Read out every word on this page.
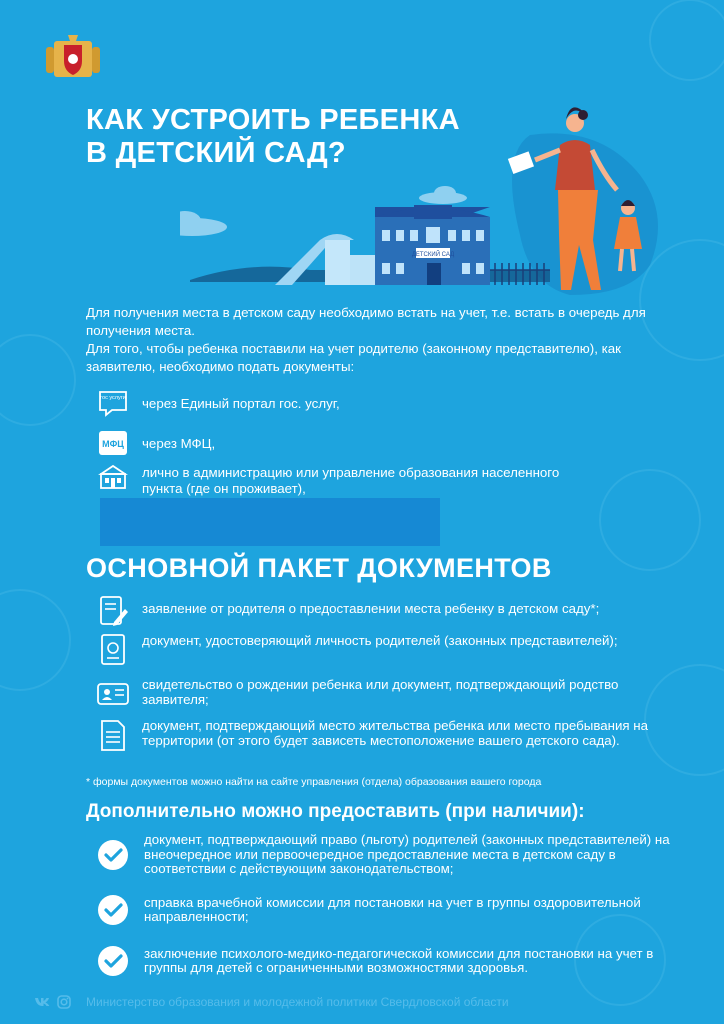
КАК УСТРОИТЬ РЕБЕНКА
В ДЕТСКИЙ САД?
ДЕТСКИЙ САД

Для получения места в детском саду необходимо встать на учет, т.е. встать в очередь для получения места.

Для того, чтобы ребенка поставили на учет родителю (законному представителю), как заявителю, необходимо подать документы:

гос услуги через Единый портал гос. услуг,
МФЦ через МФЦ,
лично в администрацию или управление образования населенного пункта (где он проживает),
ОСНОВНОЙ ПАКЕТ ДОКУМЕНТОВ
заявление от родителя о предоставлении места ребенку в детском саду*;
документ, удостоверяющий личность родителей (законных представителей);
свидетельство о рождении ребенка или документ, подтверждающий родство заявителя;
документ, подтверждающий место жительства ребенка или место пребывания на территории (от этого будет зависеть местоположение вашего детского сада).
* формы документов можно найти на сайте управления (отдела) образования вашего города
Дополнительно можно предоставить (при наличии):
документ, подтверждающий право (льготу) родителей (законных представителей) на внеочередное или первоочередное предоставление места в детском саду в соответствии с действующим законодательством;
справка врачебной комиссии для постановки на учет в группы оздоровительной направленности;
заключение психолого-медико-педагогической комиссии для постановки на учет в группы для детей с ограниченными возможностями здоровья.
Министерство образования и молодежной политики Свердловской области
